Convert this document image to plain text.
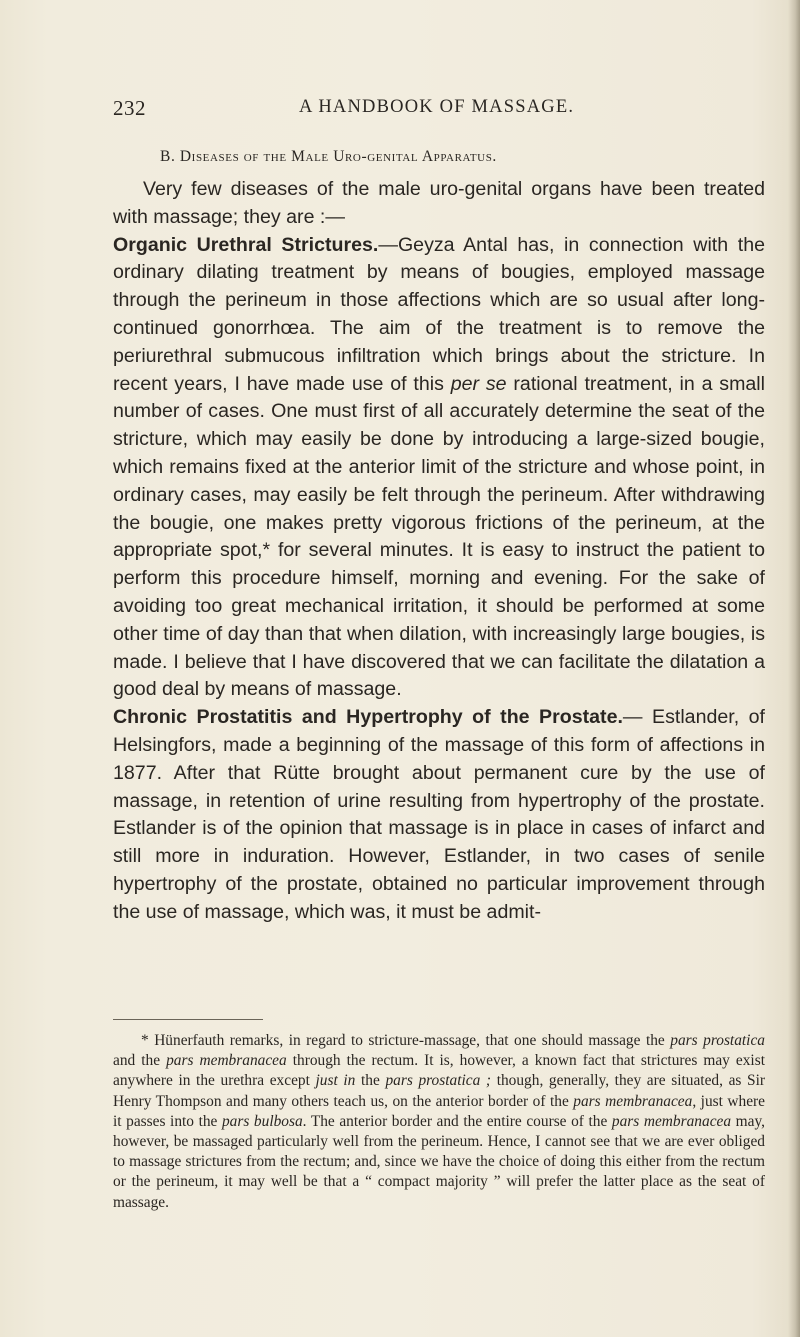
232	A HANDBOOK OF MASSAGE.
B. Diseases of the Male Uro-genital Apparatus.

Very few diseases of the male uro-genital organs have been treated with massage; they are :—

Organic Urethral Strictures.—Geyza Antal has, in connection with the ordinary dilating treatment by means of bougies, employed massage through the perineum in those affections which are so usual after long-continued gonorrhœa. The aim of the treatment is to remove the periurethral submucous infiltration which brings about the stricture. In recent years, I have made use of this per se rational treatment, in a small number of cases. One must first of all accurately determine the seat of the stricture, which may easily be done by introducing a large-sized bougie, which remains fixed at the anterior limit of the stricture and whose point, in ordinary cases, may easily be felt through the perineum. After withdrawing the bougie, one makes pretty vigorous frictions of the perineum, at the appropriate spot,* for several minutes. It is easy to instruct the patient to perform this procedure himself, morning and evening. For the sake of avoiding too great mechanical irritation, it should be performed at some other time of day than that when dilation, with increasingly large bougies, is made. I believe that I have discovered that we can facilitate the dilatation a good deal by means of massage.

Chronic Prostatitis and Hypertrophy of the Prostate.— Estlander, of Helsingfors, made a beginning of the massage of this form of affections in 1877. After that Rütte brought about permanent cure by the use of massage, in retention of urine resulting from hypertrophy of the prostate. Estlander is of the opinion that massage is in place in cases of infarct and still more in induration. However, Estlander, in two cases of senile hypertrophy of the prostate, obtained no particular improvement through the use of massage, which was, it must be admit-

* Hünerfauth remarks, in regard to stricture-massage, that one should massage the pars prostatica and the pars membranacea through the rectum. It is, however, a known fact that strictures may exist anywhere in the urethra except just in the pars prostatica ; though, generally, they are situated, as Sir Henry Thompson and many others teach us, on the anterior border of the pars membranacea, just where it passes into the pars bulbosa. The anterior border and the entire course of the pars membranacea may, however, be massaged particularly well from the perineum. Hence, I cannot see that we are ever obliged to massage strictures from the rectum; and, since we have the choice of doing this either from the rectum or the perineum, it may well be that a “ compact majority ” will prefer the latter place as the seat of massage.
